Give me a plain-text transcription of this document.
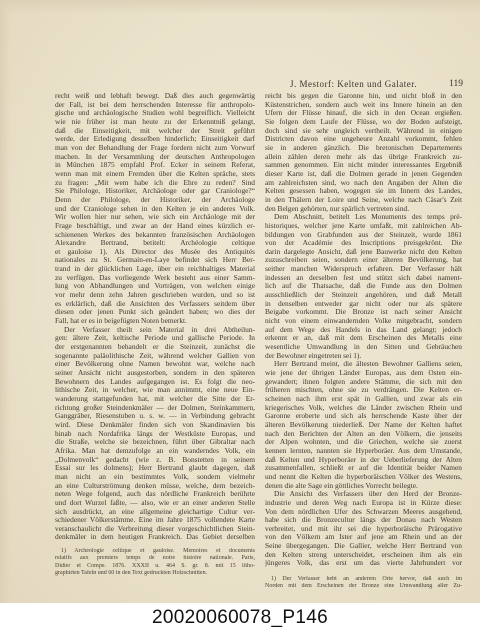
J. Mestorf: Kelten und Galater.	119
recht weiß und lebhaft bewegt. Daß dies auch gegenwärtig
der Fall, ist bei dem herrschenden Interesse für anthropolo-
gische und archäologische Studien wohl begreiflich. Vielleicht
wie nie früher ist man heute zu der Erkenntniß gelangt,
daß die Einseitigkeit, mit welcher der Streit geführt
werde, der Erledigung desselben hinderlich; Einseitigkeit darf
man von der Behandlung der Frage fordern nicht zum Vorwurf
machen. In der Versammlung der deutschen Anthropologen
in München 1875 empfahl Prof. Ecker in seinem Referat,
wenn man mit einem Fremden über die Kelten spräche, stets
zu fragen: „Mit wem habe ich die Ehre zu reden? Sind
Sie Philologe, Historiker, Archäologe oder gar Craniologe?“
Denn der Philologe, der Historiker, der Archäologe
und der Craniologe sehen in den Kelten je ein anderes Volk.
Wir wollen hier nur sehen, wie sich ein Archäologe mit der
Frage beschäftigt, und zwar an der Hand eines kürzlich er-
schienenen Werkes des bekannten französischen Archäologen
Alexandre Bertrand, betitelt: Archéologie celtique
et gauloise 1). Als Director des Musée des Antiquités
nationales zu St. Germain-en-Laye befindet sich Herr Ber-
trand in der glücklichen Lage, über ein reichhaltiges Material
zu verfügen. Das vorliegende Werk besteht aus einer Samm-
lung von Abhandlungen und Vorträgen, von welchen einige
vor mehr denn zehn Jahren geschrieben wurden, und so ist
es erklärlich, daß die Ansichten des Verfassers seitdem über
diesen oder jenen Punkt sich geändert haben; wo dies der
Fall, hat er es in beigefügten Noten bemerkt.
Der Verfasser theilt sein Material in drei Abtheilun-
gen: ältere Zeit, keltische Periode und gallische Periode. In
der erstgenannten behandelt er die Steinzeit, zunächst die
sogenannte paläolithische Zeit, während welcher Gallien von
einer Bevölkerung ohne Namen bewohnt war, welche nach
seiner Ansicht nicht ausgestorben, sondern in den späteren
Bewohnern des Landes aufgegangen ist. Es folgt die neo-
lithische Zeit, in welcher, wie man annimmt, eine neue Ein-
wanderung stattgefunden hat, mit welcher die Sitte der Er-
richtung großer Steindenkmäler — der Dolmen, Steinkammern,
Ganggräber, Riesenstuben u. s. w. — in Verbindung gebracht
wird. Diese Denkmäler finden sich von Skandinavien bis
hinab nach Nordafrika längs der Westküste Europas, und
die Straße, welche sie bezeichnen, führt über Gibraltar nach
Afrika. Man hat demzufolge an ein wanderndes Volk, ein
„Dolmenvolk“ gedacht (wie z. B. Bonstetten in seinem
Essai sur les dolmens); Herr Bertrand glaubt dagegen, daß
man nicht an ein bestimmtes Volk, sondern vielmehr
an eine Culturströmung denken müsse, welche, dem bezeich-
neten Wege folgend, auch das nördliche Frankreich berührte
und dort Wurzel faßte, — also, wie er an einer anderen Stelle
sich ausdrückt, an eine allgemeine gleichartige Cultur ver-
schiedener Völkerstämme. Eine im Jahre 1875 vollendete Karte
veranschaulicht die Verbreitung dieser vorgeschichtlichen Stein-
denkmäler in dem heutigen Frankreich. Das Gebiet derselben
reicht bis gegen die Garonne hin, und nicht bloß in den
Küstenstrichen, sondern auch weit ins Innere hinein an den
Ufern der Flüsse hinauf, die sich in den Ocean ergießen.
Sie folgen dem Laufe der Flüsse, wo der Boden aufsteigt,
doch sind sie sehr ungleich vertheilt. Während in einigen
Districten davon eine ungeheure Anzahl vorkommt, fehlen
sie in anderen gänzlich. Die bretonischen Departements
allein zählen deren mehr als das übrige Frankreich zu-
sammen genommen. Ein nicht minder interessantes Ergebniß
dieser Karte ist, daß die Dolmen gerade in jenen Gegenden
am zahlreichsten sind, wo nach den Angaben der Alten die
Kelten gesessen haben, wogegen sie im Innern des Landes,
in den Thälern der Loire und Seine, welche nach Cäsar's Zeit
den Belgen gehörten, nur spärlich vertreten sind.
Dem Abschnitt, betitelt Les Monuments des temps pré-
historiques, welcher jene Karte umfaßt, mit zahlreichen Ab-
bildungen von Grabfunden aus der Steinzeit, wurde 1861
von der Académie des Inscriptions preisgekrönt. Die
darin dargelegte Ansicht, daß jene Bauwerke nicht den Kelten
zuzuschreiben seien, sondern einer älteren Bevölkerung, hat
seither manchen Widerspruch erfahren. Der Verfasser hält
indessen an derselben fest und stützt sich dabei nament-
lich auf die Thatsache, daß die Funde aus den Dolmen
ausschließlich der Steinzeit angehören, und daß Metall
in denselben entweder gar nicht oder nur als spätere
Beigabe vorkommt. Die Bronze ist nach seiner Ansicht
nicht von einem einwandernden Volke mitgebracht, sondern
auf dem Wege des Handels in das Land gelangt; jedoch
erkennt er an, daß mit dem Erscheinen des Metalls eine
wesentliche Umwandlung in den Sitten und Gebräuchen
der Bewohner eingetreten sei 1).
Herr Bertrand meint, die ältesten Bewohner Galliens seien,
wie jene der übrigen Länder Europas, aus dem Osten ein-
gewandert; ihnen folgten andere Stämme, die sich mit den
früheren mischten, ohne sie zu verdrängen. Die Kelten er-
scheinen nach ihm erst spät in Gallien, und zwar als ein
kriegerisches Volk, welches die Länder zwischen Rhein und
Garonne eroberte und sich als herrschende Kaste über der
älteren Bevölkerung niederließ. Der Name der Kelten haftet
nach den Berichten der Alten an den Völkern, die jenseits
der Alpen wohnten, und die Griechen, welche sie zuerst
kennen lernten, nannten sie Hyperboräer. Aus dem Umstande,
daß Kelten und Hyperboräer in der Ueberlieferung der Alten
zusammenfallen, schließt er auf die Identität beider Namen
und nennt die Kelten die hyperboräischen Völker des Westens,
denen die alte Sage ein göttliches Vorrecht beilegte.
Die Ansicht des Verfassers über den Herd der Bronze-
industrie und deren Weg nach Europa ist in Kürze diese:
Von dem nördlichen Ufer des Schwarzen Meeres ausgehend,
habe sich die Bronzecultur längs der Donau nach Westen
verbreitet, und mit ihr sei die hyperboräische Prärogative
von den Völkern am Ister auf jene am Rhein und an der
Seine übergegangen. Die Gallier, welche Herr Bertrand von
den Kelten streng unterscheidet, erscheinen ihm als ein
jüngeres Volk, das erst um das vierte Jahrhundert vor
1) Archéologie celtique et gauloise. Mémoires et documents
relatifs aux premiers temps de notre histoire nationale. Paris,
Didier et Compe. 1876. XXXII u. 464 S. gr. 8. mit 15 litho-
graphirten Tafeln und 60 in den Text gedruckten Holzschnitten.
1) Der Verfasser hebt an anderem Orte hervor, daß auch im
Norden mit dem Erscheinen der Bronze eine Umwandlung aller Zu-
20020060078_P146
